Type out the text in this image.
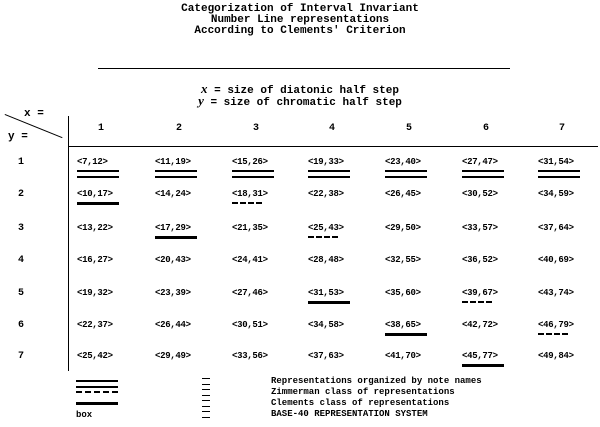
Categorization of Interval Invariant
Number Line representations
According to Clements' Criterion
x = size of diatonic half step
y = size of chromatic half step
x =
y =
1	2	3	4	5	6	7
1	<7,12>	<11,19>	<15,26>	<19,33>	<23,40>	<27,47>	<31,54>
2	<10,17>	<14,24>	<18,31>	<22,38>	<26,45>	<30,52>	<34,59>
3	<13,22>	<17,29>	<21,35>	<25,43>	<29,50>	<33,57>	<37,64>
4	<16,27>	<20,43>	<24,41>	<28,48>	<32,55>	<36,52>	<40,69>
5	<19,32>	<23,39>	<27,46>	<31,53>	<35,60>	<39,67>	<43,74>
6	<22,37>	<26,44>	<30,51>	<34,58>	<38,65>	<42,72>	<46,79>
7	<25,42>	<29,49>	<33,56>	<37,63>	<41,70>	<45,77>	<49,84>
Representations organized by note names
Zimmerman class of representations
Clements class of representations
box	BASE-40 REPRESENTATION SYSTEM
